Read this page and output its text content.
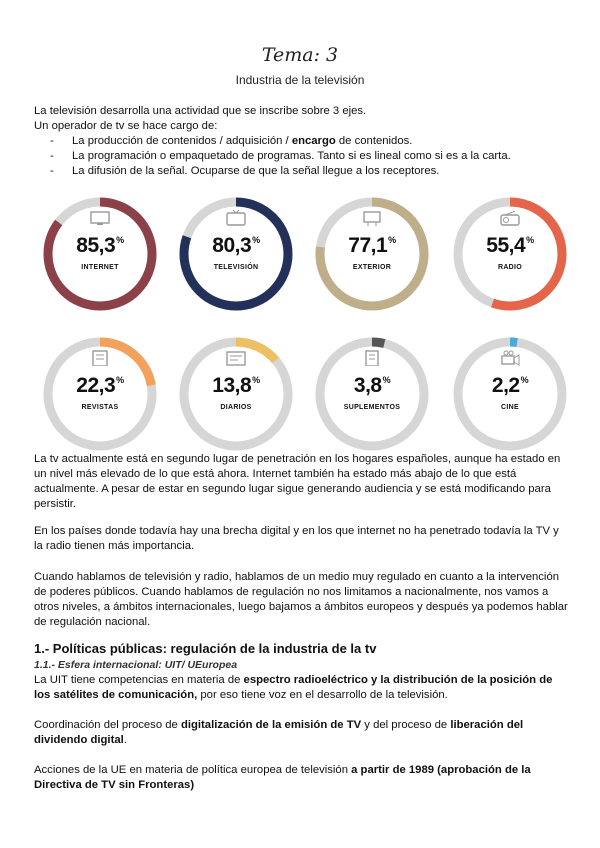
Tema: 3
Industria de la televisión
La televisión desarrolla una actividad que se inscribe sobre 3 ejes.
Un operador de tv se hace cargo de:
- La producción de contenidos / adquisición / encargo de contenidos.
- La programación o empaquetado de programas. Tanto si es lineal como si es a la carta.
- La difusión de la señal. Ocuparse de que la señal llegue a los receptores.
85,3%
INTERNET
80,3%
TELEVISIÓN
77,1%
EXTERIOR
55,4%
RADIO
22,3%
REVISTAS
13,8%
DIARIOS
3,8%
SUPLEMENTOS
2,2%
CINE

La tv actualmente está en segundo lugar de penetración en los hogares españoles, aunque ha estado en un nivel más elevado de lo que está ahora. Internet también ha estado más abajo de lo que está actualmente. A pesar de estar en segundo lugar sigue generando audiencia y se está modificando para persistir.

En los países donde todavía hay una brecha digital y en los que internet no ha penetrado todavía la TV y la radio tienen más importancia.

Cuando hablamos de televisión y radio, hablamos de un medio muy regulado en cuanto a la intervención de poderes públicos. Cuando hablamos de regulación no nos limitamos a nacionalmente, nos vamos a otros niveles, a ámbitos internacionales, luego bajamos a ámbitos europeos y después ya podemos hablar de regulación nacional.

1.- Políticas públicas: regulación de la industria de la tv
1.1.- Esfera internacional: UIT/ UEuropea

La UIT tiene competencias en materia de espectro radioeléctrico y la distribución de la posición de los satélites de comunicación, por eso tiene voz en el desarrollo de la televisión.

Coordinación del proceso de digitalización de la emisión de TV y del proceso de liberación del dividendo digital.

Acciones de la UE en materia de política europea de televisión a partir de 1989 (aprobación de la Directiva de TV sin Fronteras)
